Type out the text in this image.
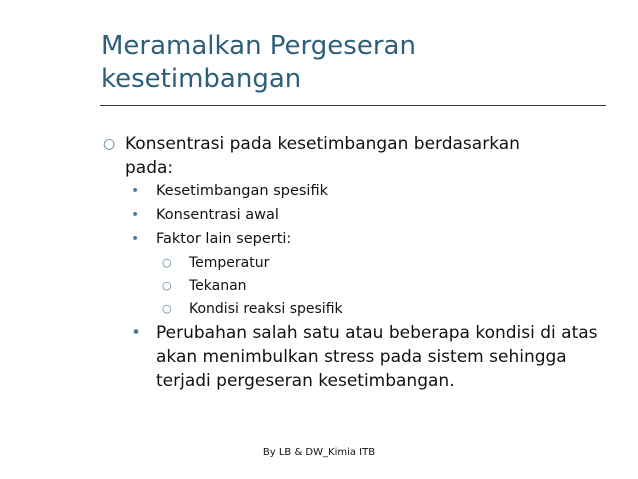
Meramalkan Pergeseran
kesetimbangan
○ Konsentrasi pada kesetimbangan berdasarkan pada:
•	Kesetimbangan spesifik
•	Konsentrasi awal
•	Faktor lain seperti:
○	Temperatur
○	Tekanan
○	Kondisi reaksi spesifik
• Perubahan salah satu atau beberapa kondisi di atas akan menimbulkan stress pada sistem sehingga terjadi pergeseran kesetimbangan.
By LB & DW_Kimia ITB
